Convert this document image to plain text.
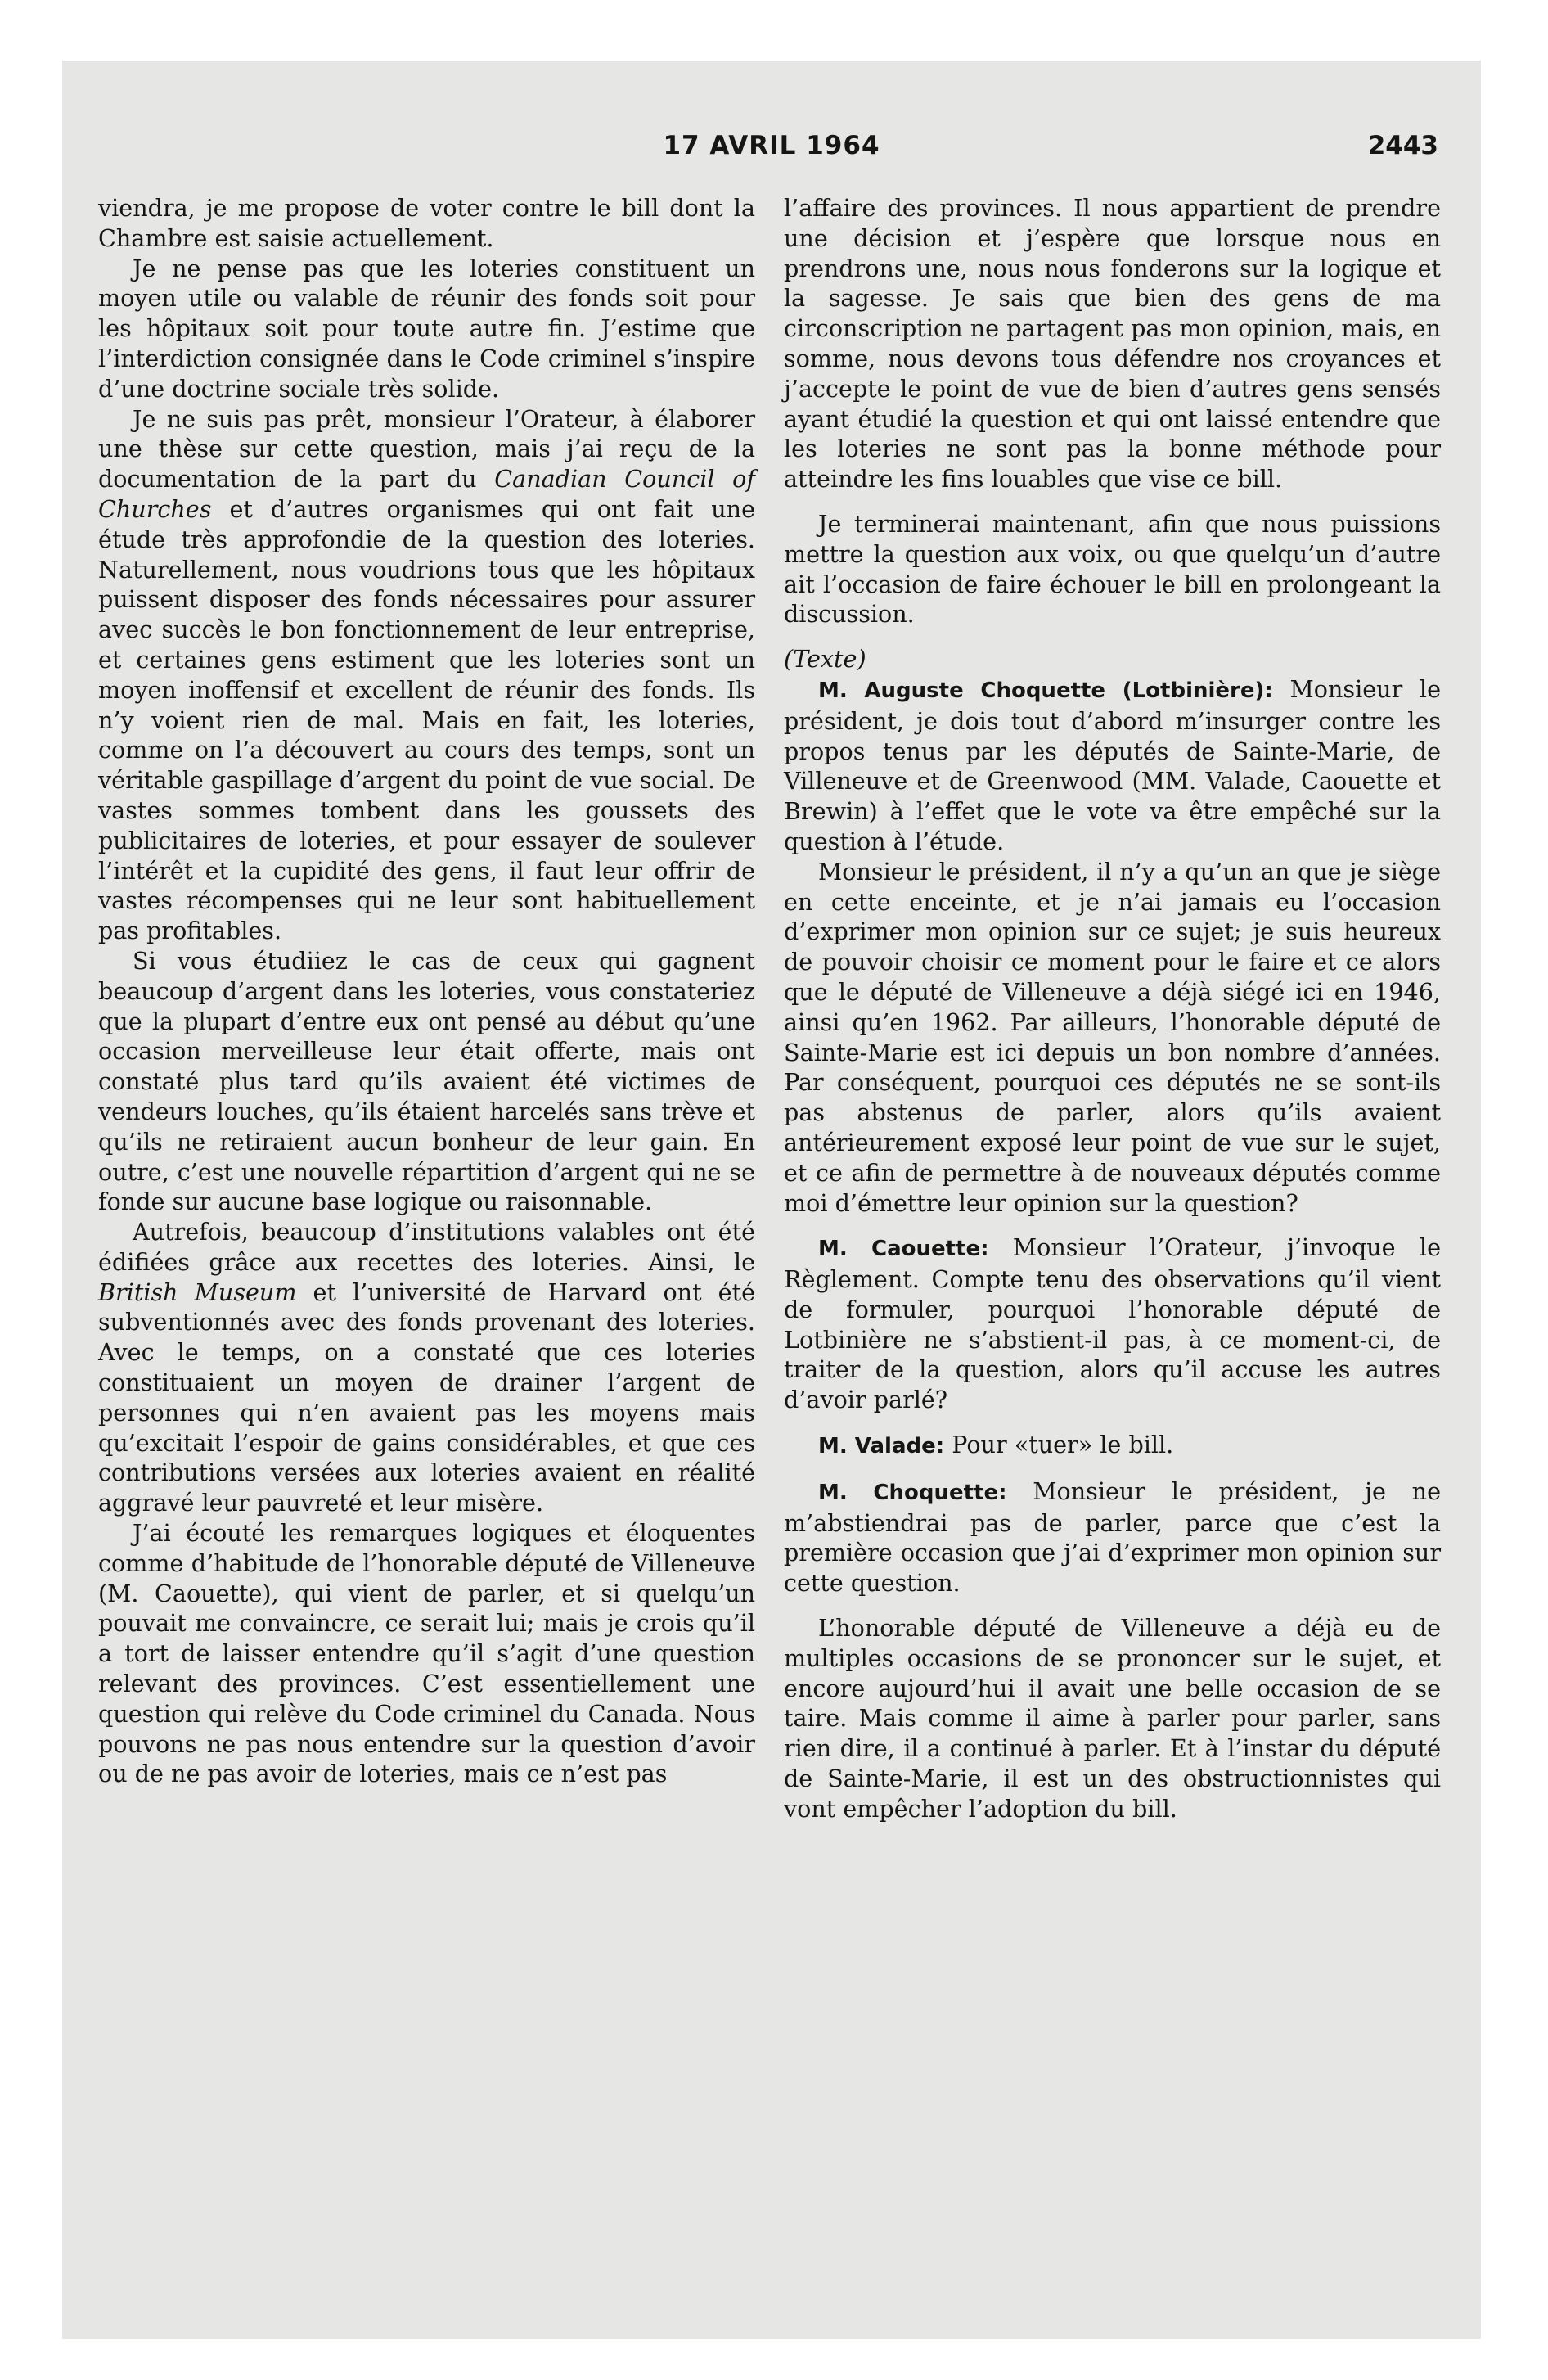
17 AVRIL 1964	2443

viendra, je me propose de voter contre le bill dont la Chambre est saisie actuellement.

Je ne pense pas que les loteries constituent un moyen utile ou valable de réunir des fonds soit pour les hôpitaux soit pour toute autre fin. J’estime que l’interdiction consignée dans le Code criminel s’inspire d’une doctrine sociale très solide.

Je ne suis pas prêt, monsieur l’Orateur, à élaborer une thèse sur cette question, mais j’ai reçu de la documentation de la part du Canadian Council of Churches et d’autres organismes qui ont fait une étude très approfondie de la question des loteries. Naturellement, nous voudrions tous que les hôpitaux puissent disposer des fonds nécessaires pour assurer avec succès le bon fonctionnement de leur entreprise, et certaines gens estiment que les loteries sont un moyen inoffensif et excellent de réunir des fonds. Ils n’y voient rien de mal. Mais en fait, les loteries, comme on l’a découvert au cours des temps, sont un véritable gaspillage d’argent du point de vue social. De vastes sommes tombent dans les goussets des publicitaires de loteries, et pour essayer de soulever l’intérêt et la cupidité des gens, il faut leur offrir de vastes récompenses qui ne leur sont habituellement pas profitables.

Si vous étudiiez le cas de ceux qui gagnent beaucoup d’argent dans les loteries, vous constateriez que la plupart d’entre eux ont pensé au début qu’une occasion merveilleuse leur était offerte, mais ont constaté plus tard qu’ils avaient été victimes de vendeurs louches, qu’ils étaient harcelés sans trève et qu’ils ne retiraient aucun bonheur de leur gain. En outre, c’est une nouvelle répartition d’argent qui ne se fonde sur aucune base logique ou raisonnable.

Autrefois, beaucoup d’institutions valables ont été édifiées grâce aux recettes des loteries. Ainsi, le British Museum et l’université de Harvard ont été subventionnés avec des fonds provenant des loteries. Avec le temps, on a constaté que ces loteries constituaient un moyen de drainer l’argent de personnes qui n’en avaient pas les moyens mais qu’excitait l’espoir de gains considérables, et que ces contributions versées aux loteries avaient en réalité aggravé leur pauvreté et leur misère.

J’ai écouté les remarques logiques et éloquentes comme d’habitude de l’honorable député de Villeneuve (M. Caouette), qui vient de parler, et si quelqu’un pouvait me convaincre, ce serait lui; mais je crois qu’il a tort de laisser entendre qu’il s’agit d’une question relevant des provinces. C’est essentiellement une question qui relève du Code criminel du Canada. Nous pouvons ne pas nous entendre sur la question d’avoir ou de ne pas avoir de loteries, mais ce n’est pas

l’affaire des provinces. Il nous appartient de prendre une décision et j’espère que lorsque nous en prendrons une, nous nous fonderons sur la logique et la sagesse. Je sais que bien des gens de ma circonscription ne partagent pas mon opinion, mais, en somme, nous devons tous défendre nos croyances et j’accepte le point de vue de bien d’autres gens sensés ayant étudié la question et qui ont laissé entendre que les loteries ne sont pas la bonne méthode pour atteindre les fins louables que vise ce bill.

Je terminerai maintenant, afin que nous puissions mettre la question aux voix, ou que quelqu’un d’autre ait l’occasion de faire échouer le bill en prolongeant la discussion.

(Texte)

M. Auguste Choquette (Lotbinière): Monsieur le président, je dois tout d’abord m’insurger contre les propos tenus par les députés de Sainte-Marie, de Villeneuve et de Greenwood (MM. Valade, Caouette et Brewin) à l’effet que le vote va être empêché sur la question à l’étude.

Monsieur le président, il n’y a qu’un an que je siège en cette enceinte, et je n’ai jamais eu l’occasion d’exprimer mon opinion sur ce sujet; je suis heureux de pouvoir choisir ce moment pour le faire et ce alors que le député de Villeneuve a déjà siégé ici en 1946, ainsi qu’en 1962. Par ailleurs, l’honorable député de Sainte-Marie est ici depuis un bon nombre d’années. Par conséquent, pourquoi ces députés ne se sont-ils pas abstenus de parler, alors qu’ils avaient antérieurement exposé leur point de vue sur le sujet, et ce afin de permettre à de nouveaux députés comme moi d’émettre leur opinion sur la question?

M. Caouette: Monsieur l’Orateur, j’invoque le Règlement. Compte tenu des observations qu’il vient de formuler, pourquoi l’honorable député de Lotbinière ne s’abstient-il pas, à ce moment-ci, de traiter de la question, alors qu’il accuse les autres d’avoir parlé?

M. Valade: Pour «tuer» le bill.

M. Choquette: Monsieur le président, je ne m’abstiendrai pas de parler, parce que c’est la première occasion que j’ai d’exprimer mon opinion sur cette question.

L’honorable député de Villeneuve a déjà eu de multiples occasions de se prononcer sur le sujet, et encore aujourd’hui il avait une belle occasion de se taire. Mais comme il aime à parler pour parler, sans rien dire, il a continué à parler. Et à l’instar du député de Sainte-Marie, il est un des obstructionnistes qui vont empêcher l’adoption du bill.
